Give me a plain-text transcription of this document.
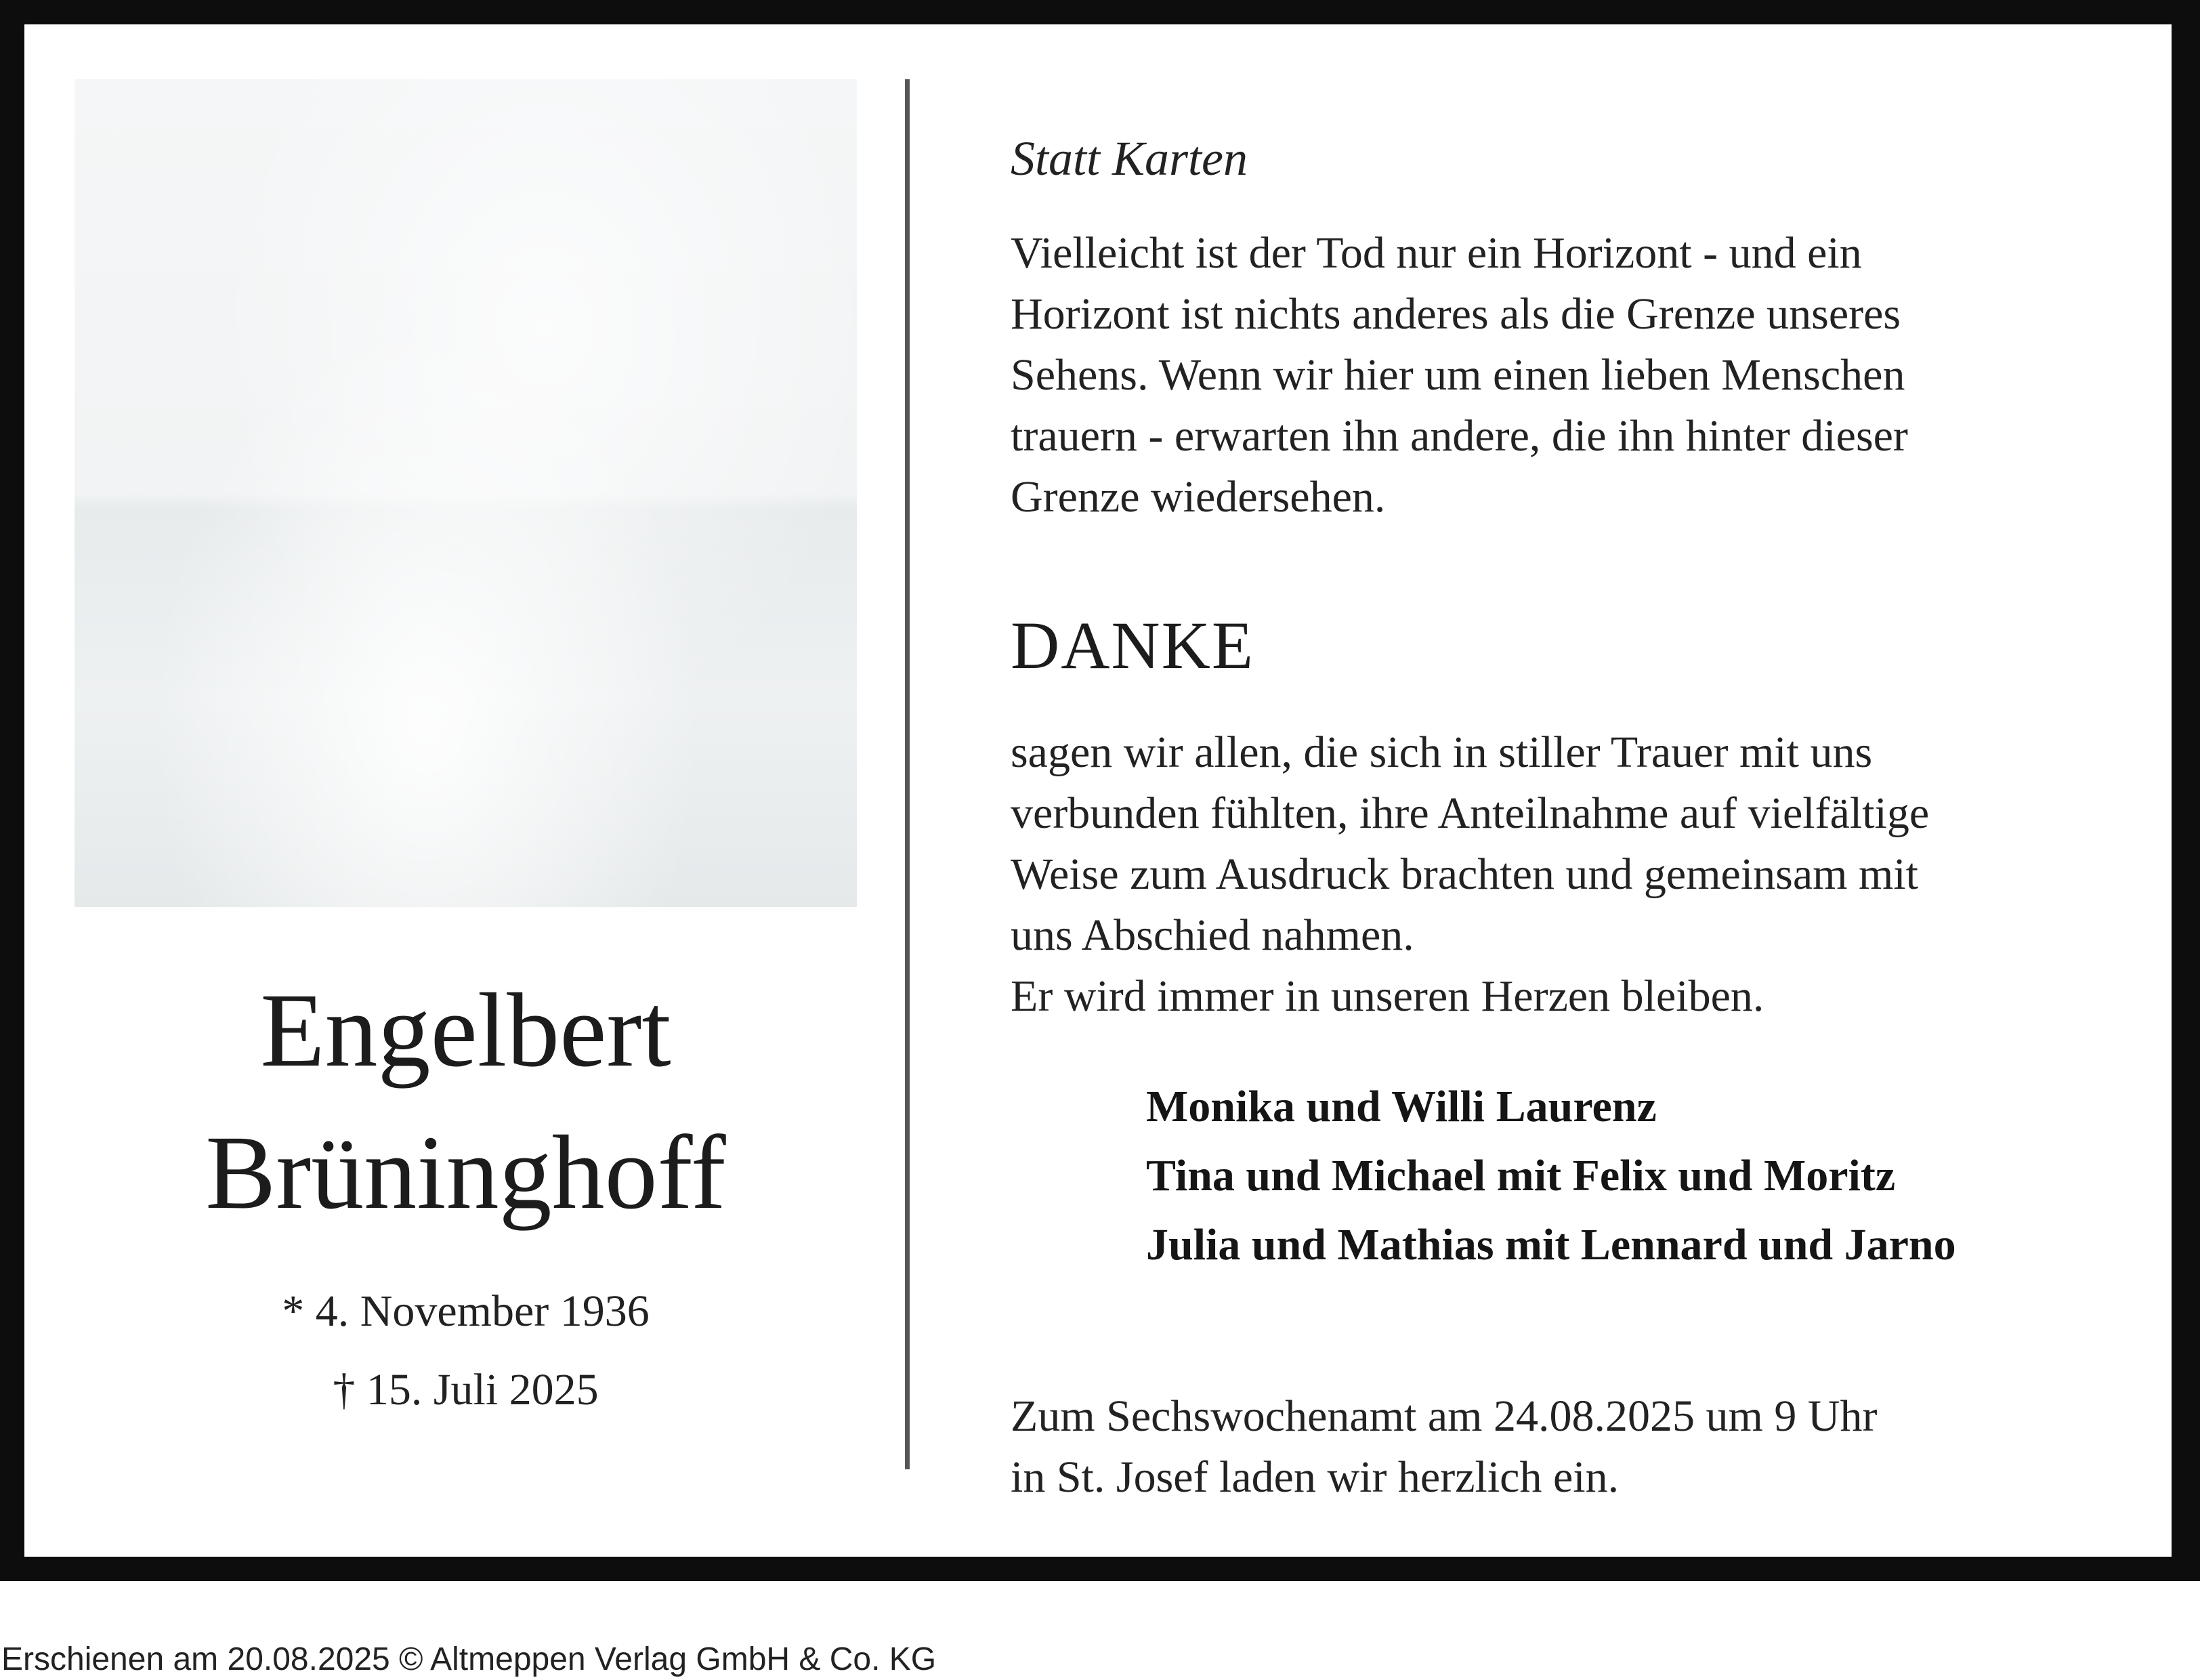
Engelbert
Brüninghoff
* 4. November 1936
† 15. Juli 2025
Statt Karten
Vielleicht ist der Tod nur ein Horizont - und ein
Horizont ist nichts anderes als die Grenze unseres
Sehens. Wenn wir hier um einen lieben Menschen
trauern - erwarten ihn andere, die ihn hinter dieser
Grenze wiedersehen.
DANKE
sagen wir allen, die sich in stiller Trauer mit uns
verbunden fühlten, ihre Anteilnahme auf vielfältige
Weise zum Ausdruck brachten und gemeinsam mit
uns Abschied nahmen.
Er wird immer in unseren Herzen bleiben.
Monika und Willi Laurenz
Tina und Michael mit Felix und Moritz
Julia und Mathias mit Lennard und Jarno
Zum Sechswochenamt am 24.08.2025 um 9 Uhr
in St. Josef laden wir herzlich ein.
Erschienen am 20.08.2025 © Altmeppen Verlag GmbH & Co. KG
